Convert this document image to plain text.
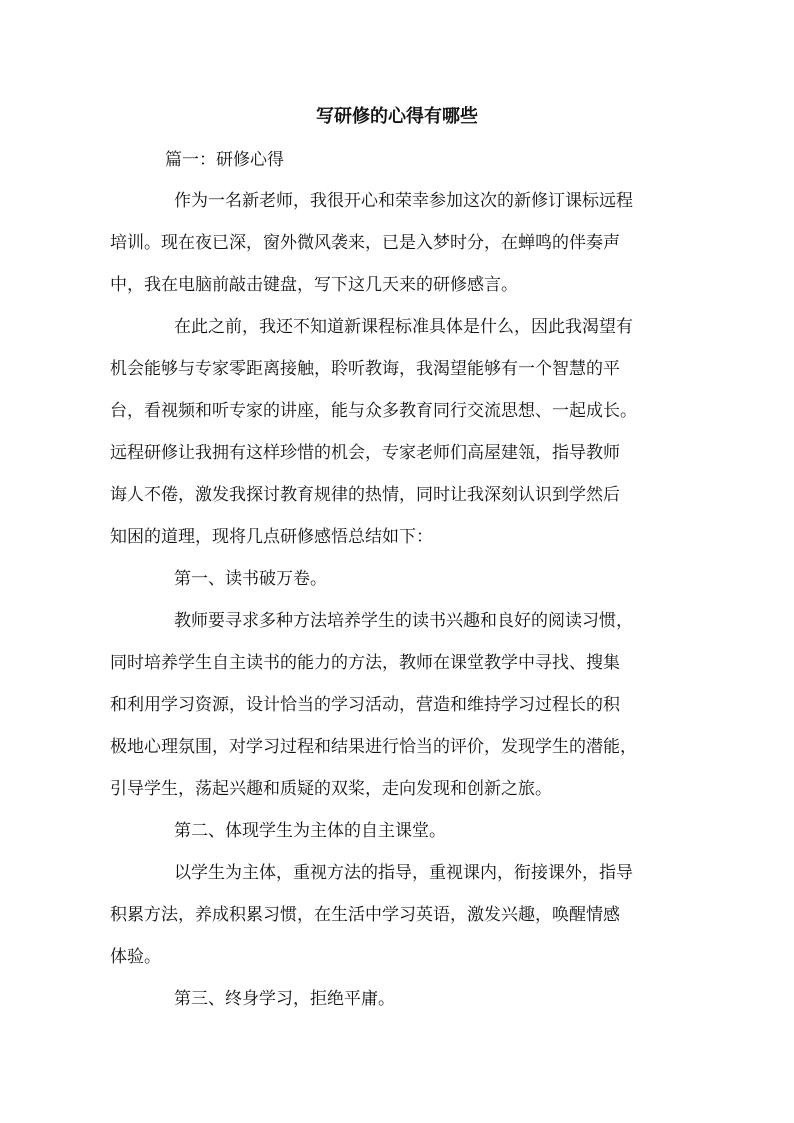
写研修的心得有哪些

篇一：研修心得

作为一名新老师，我很开心和荣幸参加这次的新修订课标远程
培训。现在夜已深，窗外微风袭来，已是入梦时分，在蝉鸣的伴奏声
中，我在电脑前敲击键盘，写下这几天来的研修感言。
在此之前，我还不知道新课程标准具体是什么，因此我渴望有
机会能够与专家零距离接触，聆听教诲，我渴望能够有一个智慧的平
台，看视频和听专家的讲座，能与众多教育同行交流思想、一起成长。
远程研修让我拥有这样珍惜的机会，专家老师们高屋建瓴，指导教师
诲人不倦，激发我探讨教育规律的热情，同时让我深刻认识到学然后
知困的道理，现将几点研修感悟总结如下：

第一、读书破万卷。

教师要寻求多种方法培养学生的读书兴趣和良好的阅读习惯，
同时培养学生自主读书的能力的方法，教师在课堂教学中寻找、搜集
和利用学习资源，设计恰当的学习活动，营造和维持学习过程长的积
极地心理氛围，对学习过程和结果进行恰当的评价，发现学生的潜能，
引导学生，荡起兴趣和质疑的双桨，走向发现和创新之旅。

第二、体现学生为主体的自主课堂。

以学生为主体，重视方法的指导，重视课内，衔接课外，指导
积累方法，养成积累习惯，在生活中学习英语，激发兴趣，唤醒情感
体验。

第三、终身学习，拒绝平庸。
